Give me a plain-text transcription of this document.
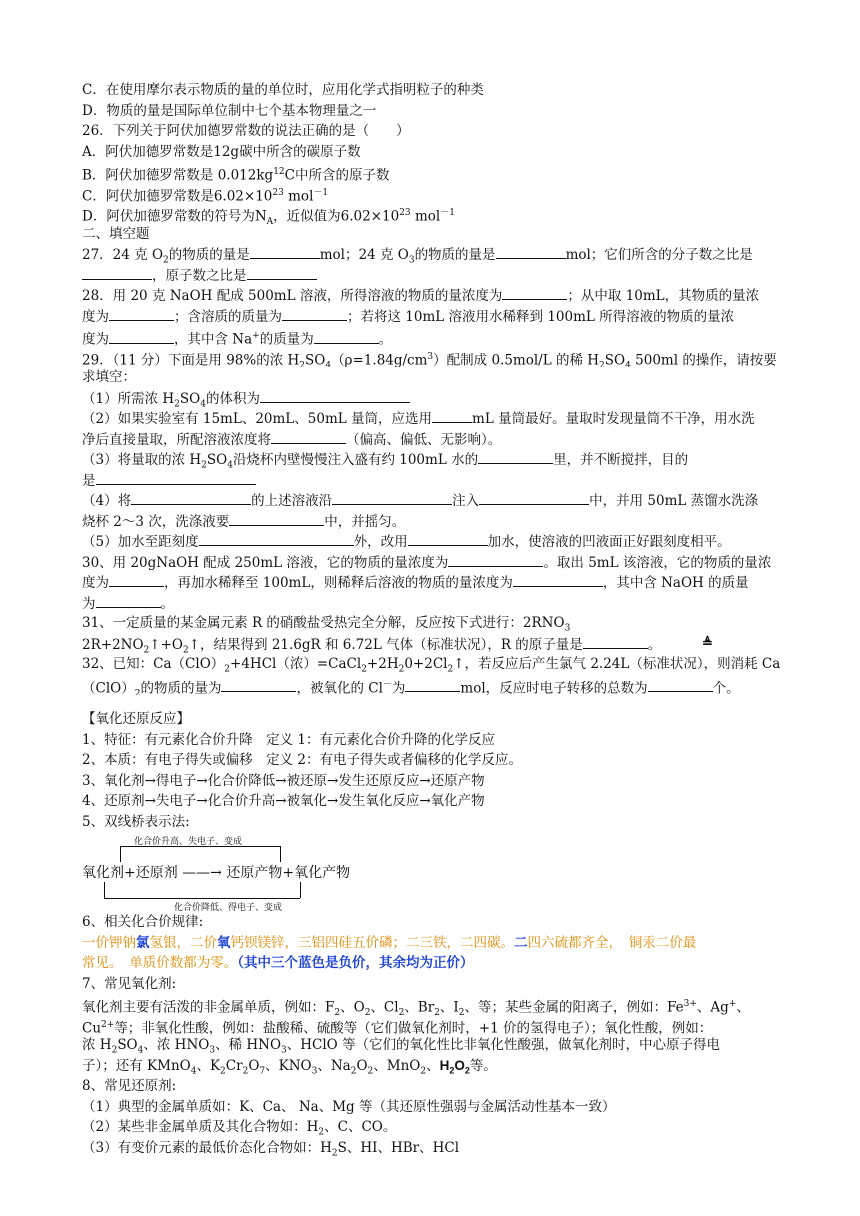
C．在使用摩尔表示物质的量的单位时，应用化学式指明粒子的种类
D．物质的量是国际单位制中七个基本物理量之一
26．下列关于阿伏加德罗常数的说法正确的是（　　）
A．阿伏加德罗常数是12g碳中所含的碳原子数
B．阿伏加德罗常数是 $0.012kg^{12}C$中所含的原子数
C．阿伏加德罗常数是$6.02\times 10^{23}$ mol$^{-1}$
D．阿伏加德罗常数的符号为$N_A$，近似值为$6.02\times 10^{23}$ mol$^{-1}$
二、填空题
27．24 克 $O_2$的物质的量是	mol；24 克 $O_3$的物质的量是	mol；它们所含的分子数之比是
，原子数之比是
28．用 20 克 NaOH 配成 500mL 溶液，所得溶液的物质的量浓度为	；从中取 10mL，其物质的量浓
度为	；含溶质的质量为	；若将这 10mL 溶液用水稀释到 100mL 所得溶液的物质的量浓
度为	，其中含 Na+的质量为	。
29．（11 分）下面是用 98%的浓 $H_2SO_4(\rho=1.84g/cm^3)$配制成 0.5mol/L 的稀 $H_2SO_4$ 500ml 的操作，请按要
求填空：
（1）所需浓 $H_2SO_4$的体积为
（2）如果实验室有 15mL、20mL、50mL 量筒，应选用	mL 量筒最好。量取时发现量筒不干净，用水洗
净后直接量取，所配溶液浓度将	（偏高、偏低、无影响）。
（3）将量取的浓 $H_2SO_4$沿烧杯内壁慢慢注入盛有约 100mL 水的	里，并不断搅拌，目的
是
（4）将	的上述溶液沿	注入	中，并用 50mL 蒸馏水洗涤
烧杯 2～3 次，洗涤液要	中，并摇匀。
（5）加水至距刻度	外，改用	加水，使溶液的凹液面正好跟刻度相平。
30、用 20gNaOH 配成 250mL 溶液，它的物质的量浓度为	。取出 5mL 该溶液，它的物质的量浓
度为	，再加水稀释至 100mL，则稀释后溶液的物质的量浓度为	，其中含 NaOH 的质量
为	。
31、一定质量的某金属元素 R 的硝酸盐受热完全分解，反应按下式进行：$2RNO_3$
$2R+2NO_2↑+O_2↑$，结果得到 21.6gR 和 6.72L 气体（标准状况），R 的原子量是	。
32、已知：$Ca(ClO)_2+4HCl$（浓）$=CaCl_2+2H_20+2Cl_2↑$，若反应后产生氯气 2.24L（标准状况），则消耗 Ca
$(ClO)_2$的物质的量为	，被氧化的 Cl－为	mol，反应时电子转移的总数为	个。
【氧化还原反应】
1、特征：有元素化合价升降　定义 1：有元素化合价升降的化学反应
2、本质：有电子得失或偏移　定义 2：有电子得失或者偏移的化学反应。
3、氧化剂→得电子→化合价降低→被还原→发生还原反应→还原产物
4、还原剂→失电子→化合价升高→被氧化→发生氧化反应→氧化产物
5、双线桥表示法:
化合价升高、失电子、变成
氧化剂+还原剂 ——→ 还原产物+氧化产物
化合价降低、得电子、变成
6、相关化合价规律:
一价钾钠氯氢银，二价氧钙钡镁锌，三铝四硅五价磷；二三铁，二四碳。二四六硫都齐全，　铜汞二价最
常见。　单质价数都为零。（其中三个蓝色是负价，其余均为正价）
7、常见氧化剂:
氧化剂主要有活泼的非金属单质，例如：$F_2$、$O_2$、$Cl_2$、$Br_2$、$I_2$、等；某些金属的阳离子，例如：$Fe^{3+}$、Ag+、
$Cu^{2+}$等；非氧化性酸，例如：盐酸稀、硫酸等（它们做氧化剂时，+1 价的氢得电子）；氧化性酸，例如：
浓 $H_2SO_4$、浓 $HNO_3$、稀 $HNO_3$、HClO 等（它们的氧化性比非氧化性酸强，做氧化剂时，中心原子得电
子）；还有 KMnO$_4$、$K_2Cr_2O_7$、$KNO_3$、$Na_2O_2$、MnO$_2$、$H_2O_2$等。
8、常见还原剂:
（1）典型的金属单质如：K、Ca、 Na、Mg 等（其还原性强弱与金属活动性基本一致）
（2）某些非金属单质及其化合物如：$H_2$、C、CO。
（3）有变价元素的最低价态化合物如：$H_2S$、HI、HBr、HCl
≜
